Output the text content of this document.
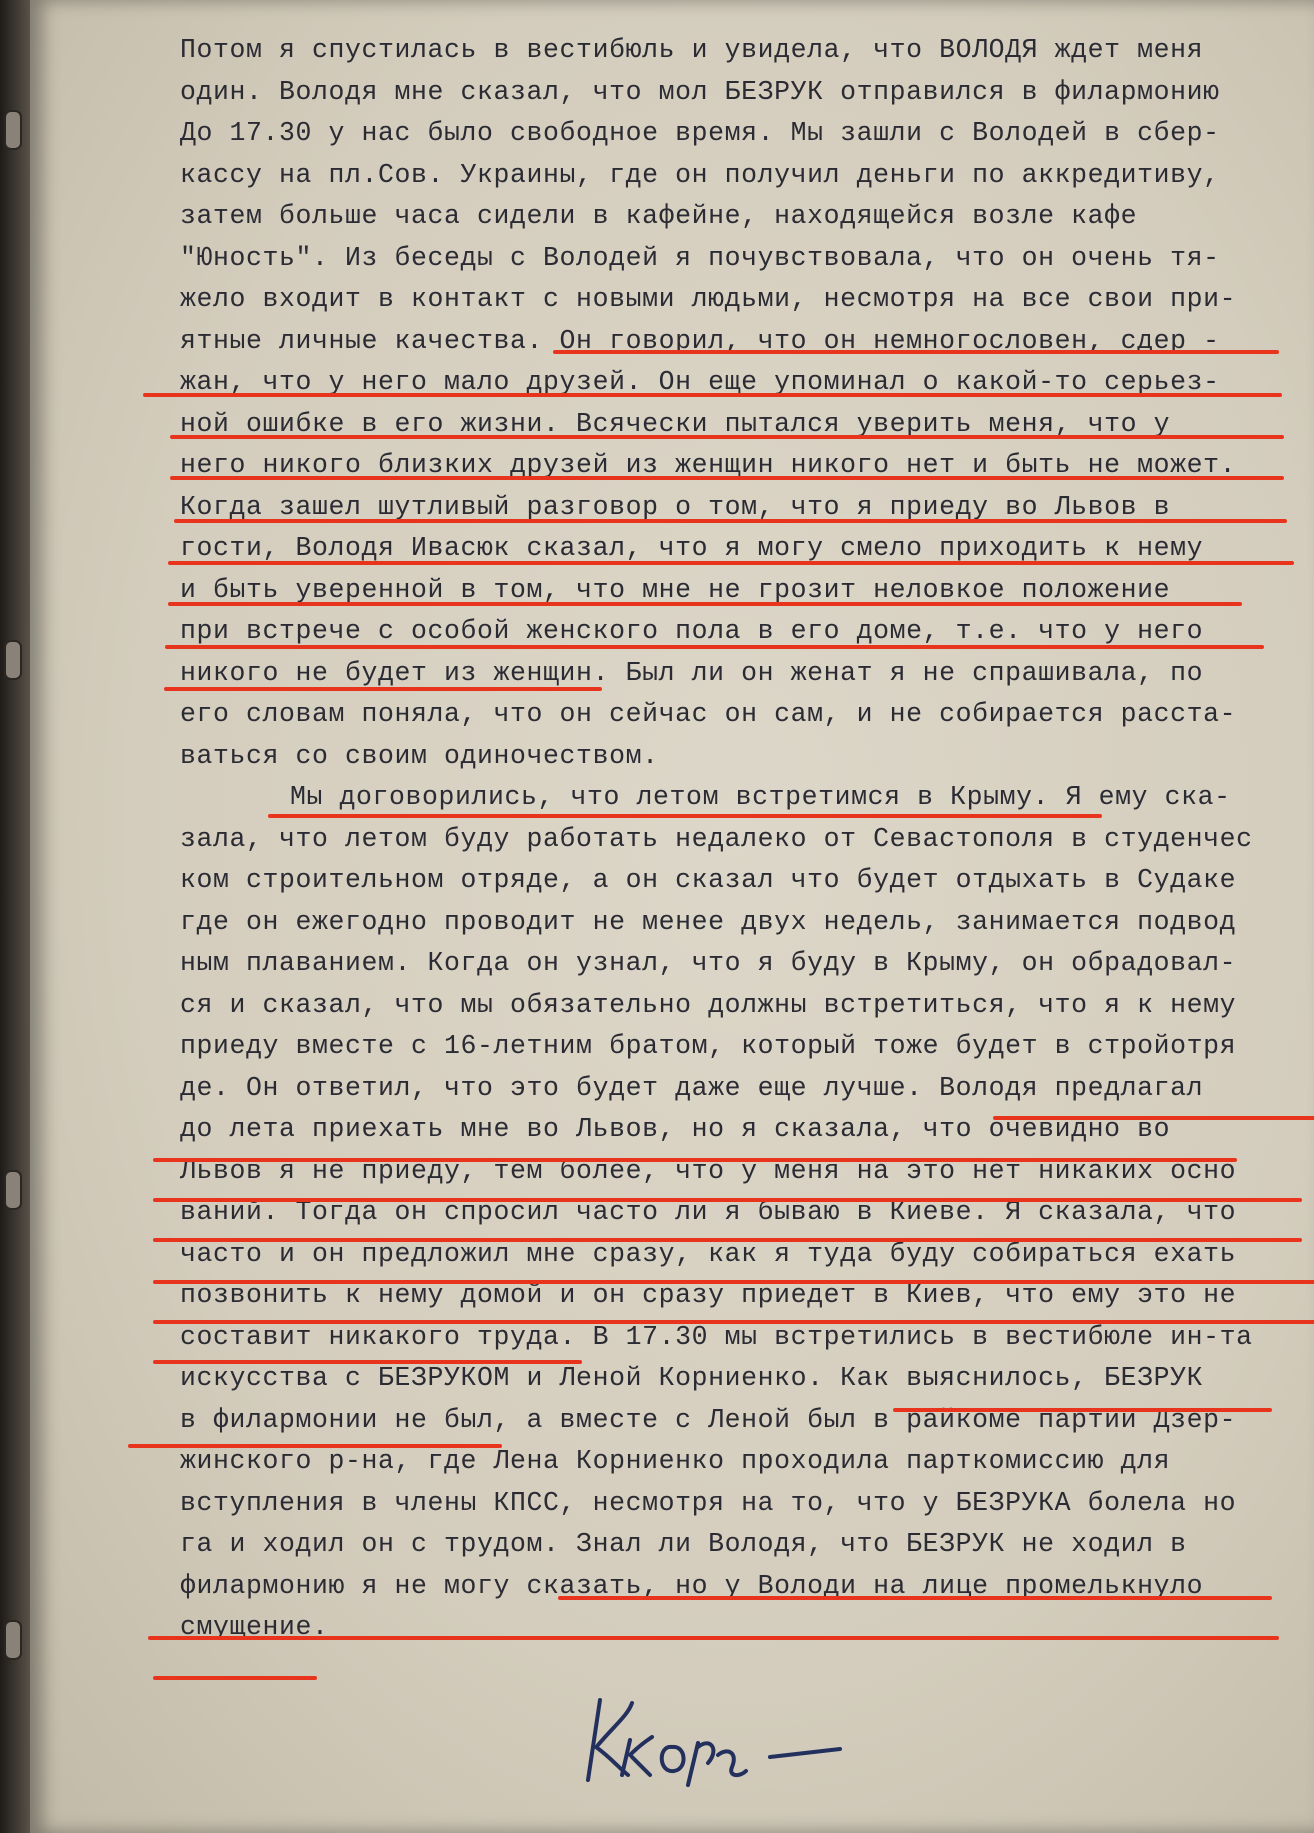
Потом я спустилась в вестибюль и увидела, что ВОЛОДЯ ждет меня
один. Володя мне сказал, что мол БЕЗРУК отправился в филармонию
До 17.30 у нас было свободное время. Мы зашли с Володей в сбер-
кассу на пл.Сов. Украины, где он получил деньги по аккредитиву,
затем больше часа сидели в кафейне, находящейся возле кафе
"Юность". Из беседы с Володей я почувствовала, что он очень тя-
жело входит в контакт с новыми людьми, несмотря на все свои при-
ятные личные качества. Он говорил, что он немногословен, сдер -
жан, что у него мало друзей. Он еще упоминал о какой-то серьез-
ной ошибке в его жизни. Всячески пытался уверить меня, что у
него никого близких друзей из женщин никого нет и быть не может.
Когда зашел шутливый разговор о том, что я приеду во Львов в
гости, Володя Ивасюк сказал, что я могу смело приходить к нему
и быть уверенной в том, что мне не грозит неловкое положение
при встрече с особой женского пола в его доме, т.е. что у него
никого не будет из женщин. Был ли он женат я не спрашивала, по
его словам поняла, что он сейчас он сам, и не собирается расста-
ваться со своим одиночеством.
Мы договорились, что летом встретимся в Крыму. Я ему ска-
зала, что летом буду работать недалеко от Севастополя в студенчес
ком строительном отряде, а он сказал что будет отдыхать в Судаке
где он ежегодно проводит не менее двух недель, занимается подвод
ным плаванием. Когда он узнал, что я буду в Крыму, он обрадовал-
ся и сказал, что мы обязательно должны встретиться, что я к нему
приеду вместе с 16-летним братом, который тоже будет в стройотря
де. Он ответил, что это будет даже еще лучше. Володя предлагал
до лета приехать мне во Львов, но я сказала, что очевидно во
Львов я не приеду, тем более, что у меня на это нет никаких осно
ваний. Тогда он спросил часто ли я бываю в Киеве. Я сказала, что
часто и он предложил мне сразу, как я туда буду собираться ехать
позвонить к нему домой и он сразу приедет в Киев, что ему это не
составит никакого труда. В 17.30 мы встретились в вестибюле ин-та
искусства с БЕЗРУКОМ и Леной Корниенко. Как выяснилось, БЕЗРУК
в филармонии не был, а вместе с Леной был в райкоме партии Дзер-
жинского р-на, где Лена Корниенко проходила парткомиссию для
вступления в члены КПСС, несмотря на то, что у БЕЗРУКА болела но
га и ходил он с трудом. Знал ли Володя, что БЕЗРУК не ходил в
филармонию я не могу сказать, но у Володи на лице промелькнуло
смущение.
